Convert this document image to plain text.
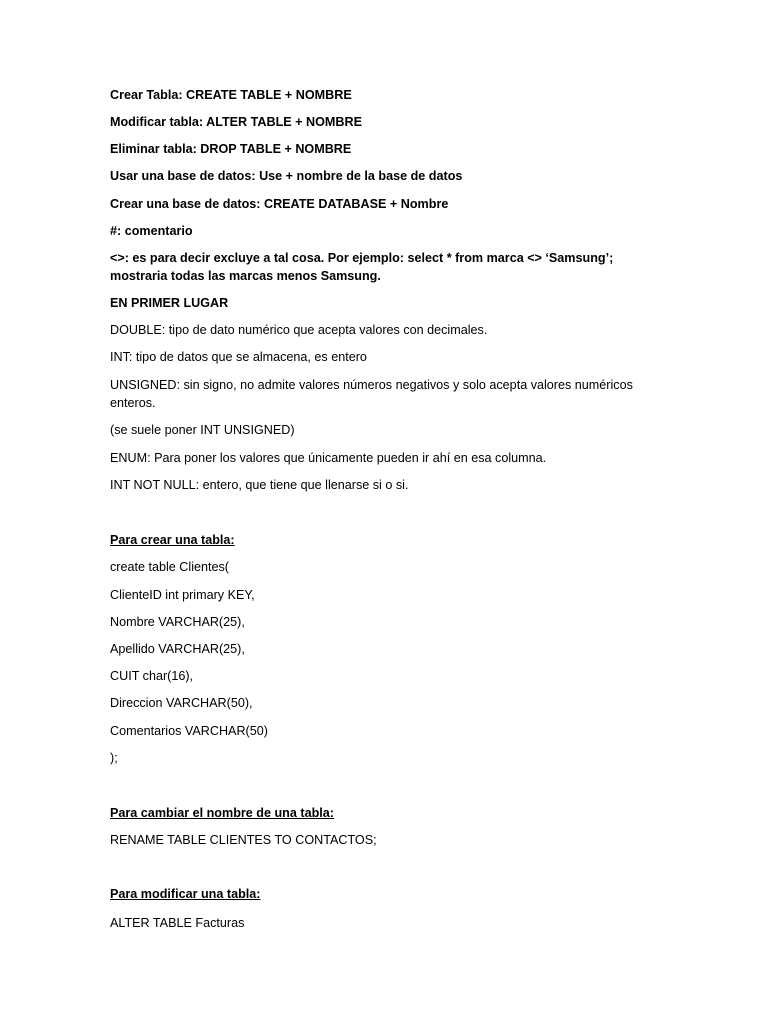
Crear Tabla: CREATE TABLE + NOMBRE
Modificar tabla: ALTER TABLE + NOMBRE
Eliminar tabla: DROP TABLE + NOMBRE
Usar una base de datos: Use + nombre de la base de datos
Crear una base de datos: CREATE DATABASE + Nombre
#: comentario
<>: es para decir excluye a tal cosa. Por ejemplo: select * from marca <> ‘Samsung’; mostraria todas las marcas menos Samsung.
EN PRIMER LUGAR
DOUBLE: tipo de dato numérico que acepta valores con decimales.
INT: tipo de datos que se almacena, es entero
UNSIGNED: sin signo, no admite valores números negativos y solo acepta valores numéricos enteros.
(se suele poner INT UNSIGNED)
ENUM: Para poner los valores que únicamente pueden ir ahí en esa columna.
INT NOT NULL: entero, que tiene que llenarse si o si.
Para crear una tabla:
create table Clientes(
ClienteID int primary KEY,
Nombre VARCHAR(25),
Apellido VARCHAR(25),
CUIT char(16),
Direccion VARCHAR(50),
Comentarios VARCHAR(50)
);
Para cambiar el nombre de una tabla:
RENAME TABLE CLIENTES TO CONTACTOS;
Para modificar una tabla:
ALTER TABLE Facturas
